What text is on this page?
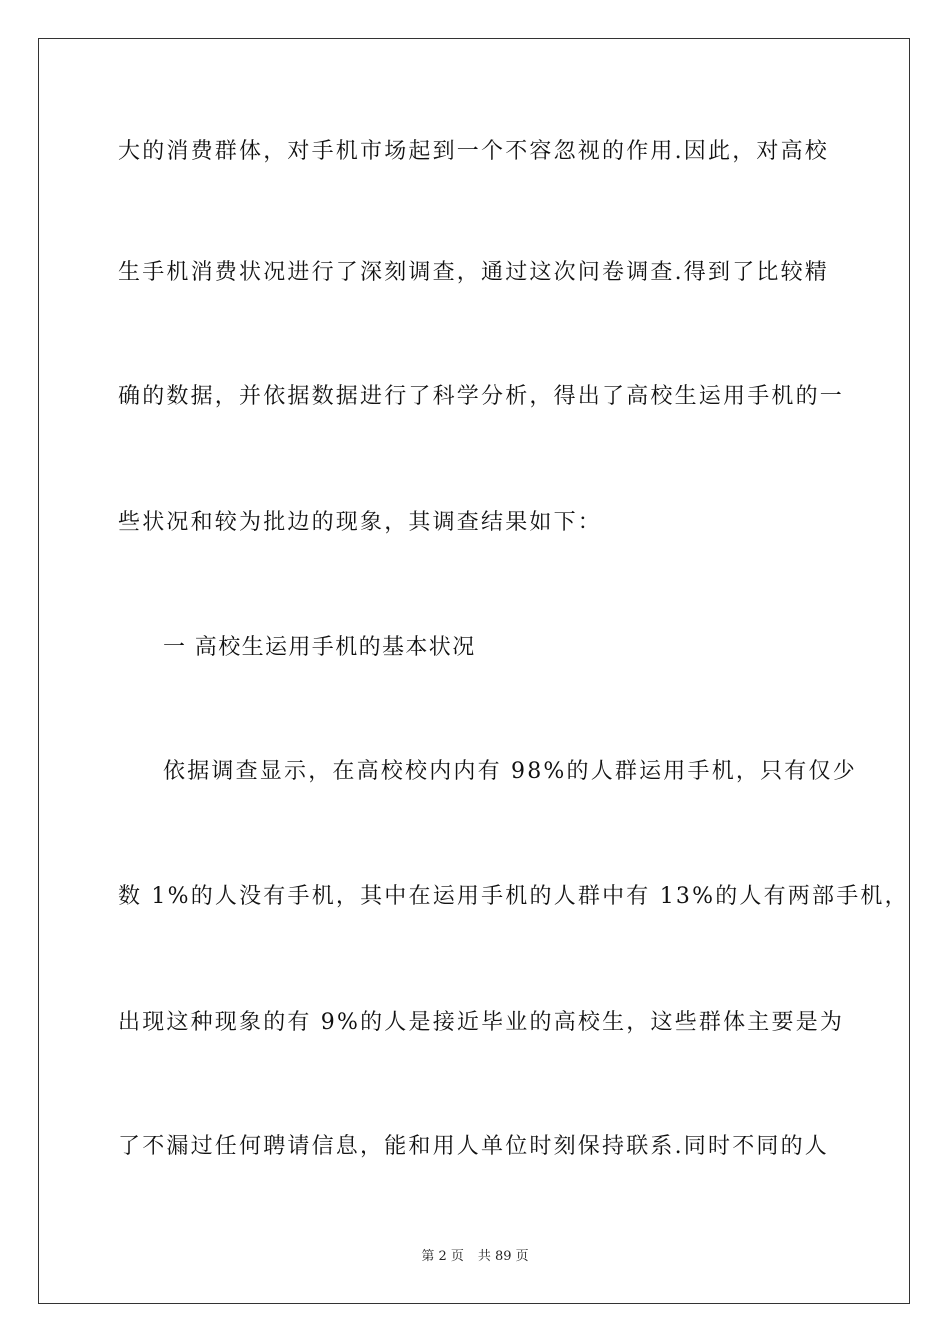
大的消费群体，对手机市场起到一个不容忽视的作用.因此，对高校
生手机消费状况进行了深刻调查，通过这次问卷调查.得到了比较精
确的数据，并依据数据进行了科学分析，得出了高校生运用手机的一
些状况和较为批边的现象，其调查结果如下：
一 高校生运用手机的基本状况
依据调查显示，在高校校内内有 98%的人群运用手机，只有仅少
数 1%的人没有手机，其中在运用手机的人群中有 13%的人有两部手机，
出现这种现象的有 9%的人是接近毕业的高校生，这些群体主要是为
了不漏过任何聘请信息，能和用人单位时刻保持联系.同时不同的人
第 2 页 共 89 页
